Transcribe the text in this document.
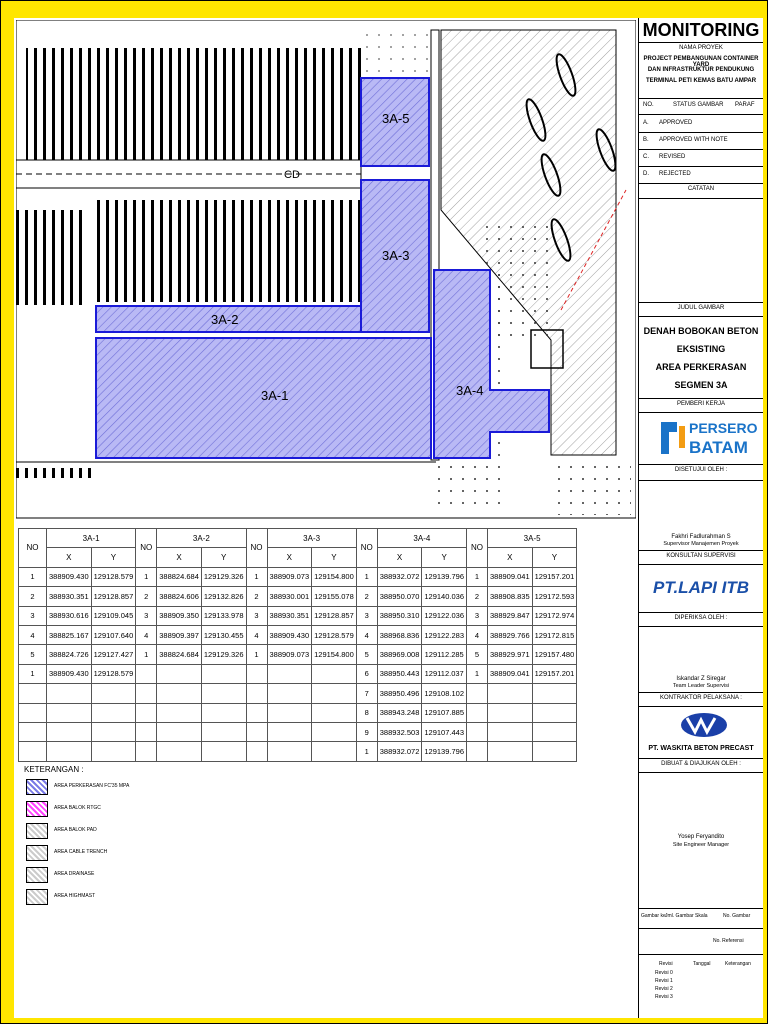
CD
3A-5
3A-3
3A-2
3A-1	3A-4
NO	3A-1		NO	3A-2		NO	3A-3		NO	3A-4		NO	3A-5	
	X	Y		X	Y		X	Y		X	Y		X	Y
1	388909.430	129128.579	1	388824.684	129129.326	1	388909.073	129154.800	1	388932.072	129139.796	1	388909.041	129157.201
2	388930.351	129128.857	2	388824.606	129132.826	2	388930.001	129155.078	2	388950.070	129140.036	2	388908.835	129172.593
3	388930.616	129109.045	3	388909.350	129133.978	3	388930.351	129128.857	3	388950.310	129122.036	3	388929.847	129172.974
4	388825.167	129107.640	4	388909.397	129130.455	4	388909.430	129128.579	4	388968.836	129122.283	4	388929.766	129172.815
5	388824.726	129127.427	1	388824.684	129129.326	1	388909.073	129154.800	5	388969.008	129112.285	5	388929.971	129157.480
1	388909.430	129128.579							6	388950.443	129112.037	1	388909.041	129157.201
									7	388950.496	129108.102			
									8	388943.248	129107.885			
									9	388932.503	129107.443			
									1	388932.072	129139.796			
KETERANGAN :
AREA PERKERASAN FC'35 MPA
AREA BALOK RTGC
AREA BALOK PAD
AREA CABLE TRENCH
AREA DRAINASE
AREA HIGHMAST
MONITORING
NAMA PROYEK
PROJECT PEMBANGUNAN CONTAINER YARD
DAN INFRASTRUKTUR PENDUKUNG
TERMINAL PETI KEMAS BATU AMPAR
NO.	STATUS GAMBAR PARAF
A. APPROVED
B. APPROVED WITH NOTE
C. REVISED
D. REJECTED
CATATAN
JUDUL GAMBAR
DENAH BOBOKAN BETON
EKSISTING
AREA PERKERASAN
SEGMEN 3A
PEMBERI KERJA
PERSERO
BATAM
DISETUJUI OLEH :
Fakhri Fadlurahman S
Supervisor Manajemen Proyek
KONSULTAN SUPERVISI
PT.LAPI ITB
DIPERIKSA OLEH :
Iskandar Z Siregar
Team Leader Supervisi
KONTRAKTOR PELAKSANA :
PT. WASKITA BETON PRECAST
DIBUAT & DIAJUKAN OLEH :
Yosep Feryandito
Site Engineer Manager
Gambar ke Jml. Gambar Skala	No. Gambar
No. Referensi
Revisi	Tanggal	Keterangan
Revisi 0
Revisi 1
Revisi 2
Revisi 3
